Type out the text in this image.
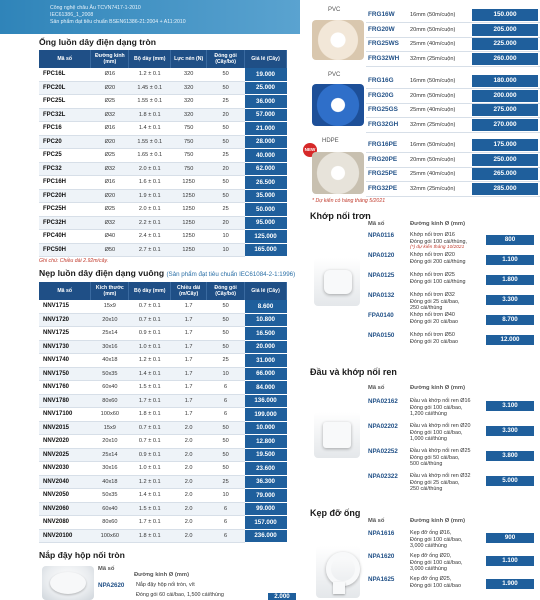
Công nghệ châu Âu TCVN7417-1-2010
IEC61386_1_2008
Sản phẩm đạt tiêu chuẩn BSEN61386-21:2004 + A11:2010
Ống luồn dây điện dạng tròn
Mã số	Đường kính (mm)	Bộ dày (mm)	Lực nén (N)	Đóng gói (Cây/bó)	Giá lẻ (Cây)
FPC16L	Ø16	1.2 ± 0.1	320	50	19.000
FPC20L	Ø20	1.45 ± 0.1	320	50	25.000
FPC25L	Ø25	1.55 ± 0.1	320	25	36.000
FPC32L	Ø32	1.8 ± 0.1	320	20	57.000
FPC16	Ø16	1.4 ± 0.1	750	50	21.000
FPC20	Ø20	1.55 ± 0.1	750	50	28.000
FPC25	Ø25	1.65 ± 0.1	750	25	40.000
FPC32	Ø32	2.0 ± 0.1	750	20	62.000
FPC16H	Ø16	1.6 ± 0.1	1250	50	26.500
FPC20H	Ø20	1.9 ± 0.1	1250	50	35.000
FPC25H	Ø25	2.0 ± 0.1	1250	25	50.000
FPC32H	Ø32	2.2 ± 0.1	1250	20	95.000
FPC40H	Ø40	2.4 ± 0.1	1250	10	125.000
FPC50H	Ø50	2.7 ± 0.1	1250	10	165.000
Ghi chú: Chiều dài 2.92m/cây.
Nẹp luồn dây điện dạng vuông (Sản phẩm đạt tiêu chuẩn IEC61084-2-1:1996)
Mã số	Kích thước (mm)	Bộ dày (mm)	Chiều dài (m/Cây)	Đóng gói (Cây/bó)	Giá lẻ (Cây)
NNV1715	15x9	0.7 ± 0.1	1.7	50	8.600
NNV1720	20x10	0.7 ± 0.1	1.7	50	10.800
NNV1725	25x14	0.9 ± 0.1	1.7	50	16.500
NNV1730	30x16	1.0 ± 0.1	1.7	50	20.000
NNV1740	40x18	1.2 ± 0.1	1.7	25	31.000
NNV1750	50x35	1.4 ± 0.1	1.7	10	66.000
NNV1760	60x40	1.5 ± 0.1	1.7	6	84.000
NNV1780	80x60	1.7 ± 0.1	1.7	6	136.000
NNV17100	100x60	1.8 ± 0.1	1.7	6	199.000
NNV2015	15x9	0.7 ± 0.1	2.0	50	10.000
NNV2020	20x10	0.7 ± 0.1	2.0	50	12.800
NNV2025	25x14	0.9 ± 0.1	2.0	50	19.500
NNV2030	30x16	1.0 ± 0.1	2.0	50	23.600
NNV2040	40x18	1.2 ± 0.1	2.0	25	36.300
NNV2050	50x35	1.4 ± 0.1	2.0	10	79.000
NNV2060	60x40	1.5 ± 0.1	2.0	6	99.000
NNV2080	80x60	1.7 ± 0.1	2.0	6	157.000
NNV20100	100x60	1.8 ± 0.1	2.0	6	236.000
Nắp đậy hộp nối tròn
Mã số
Đường kính Ø (mm)
NPA2620 Nắp đậy hộp nối tròn, vít
Đóng gói 60 cái/bao, 1,500 cái/thùng	2.000
PVC
PVC
HDPE
NEW
FRG16W	16mm (50m/cuộn)	150.000
FRG20W	20mm (50m/cuộn)	205.000
FRG25WS 25mm (40m/cuộn)	225.000
FRG32WH 32mm (25m/cuộn)	260.000
FRG16G	16mm (50m/cuộn)	180.000
FRG20G	20mm (50m/cuộn)	200.000
FRG25GS 25mm (40m/cuộn)	275.000
FRG32GH 32mm (25m/cuộn)	270.000
FRG16PE 16mm (50m/cuộn)	175.000
FRG20PE 20mm (50m/cuộn)	250.000
FRG25PE 25mm (40m/cuộn)	265.000
FRG32PE 32mm (25m/cuộn)	285.000
* Dự kiến có hàng tháng 5/2021
Khớp nối trơn
Mã số	Đường kính Ø (mm)
NPA0116	Khớp nối trơn Ø16
Đóng gói 100 cái/thùng,
(*) dự kiến tháng 10/2021
800
NPA0120	Khớp nối trơn Ø20
Đóng gói 200 cái/thùng	1.100
NPA0125	Khớp nối trơn Ø25
Đóng gói 100 cái/thùng	1.800
NPA0132	Khớp nối trơn Ø32
Đóng gói 25 cái/bao,
250 cái/thùng
3.300
FPA0140	Khớp nối trơn Ø40
Đóng gói 20 cái/bao	8.700
NPA0150	Khớp nối trơn Ø50
Đóng gói 20 cái/bao	12.000
Đầu và khớp nối ren
Mã số	Đường kính Ø (mm)
NPA02162 Đầu và khớp nối ren Ø16
Đóng gói 100 cái/bao,
1,200 cái/thùng
3.100
NPA02202 Đầu và khớp nối ren Ø20
Đóng gói 100 cái/bao,
1,000 cái/thùng
3.300
NPA02252 Đầu và khớp nối ren Ø25
Đóng gói 50 cái/bao,
500 cái/thùng
3.800
NPA02322 Đầu và khớp nối ren Ø32
Đóng gói 25 cái/bao,
250 cái/thùng
5.000
Kẹp đỡ ống
Mã số	Đường kính Ø (mm)
NPA1616	Kẹp đỡ ống Ø16,
Đóng gói 100 cái/bao,
3,000 cái/thùng
900
NPA1620	Kẹp đỡ ống Ø20,
Đóng gói 100 cái/bao,
3,000 cái/thùng
1.100
NPA1625	Kẹp đỡ ống Ø25,
Đóng gói 100 cái/bao	1.900
